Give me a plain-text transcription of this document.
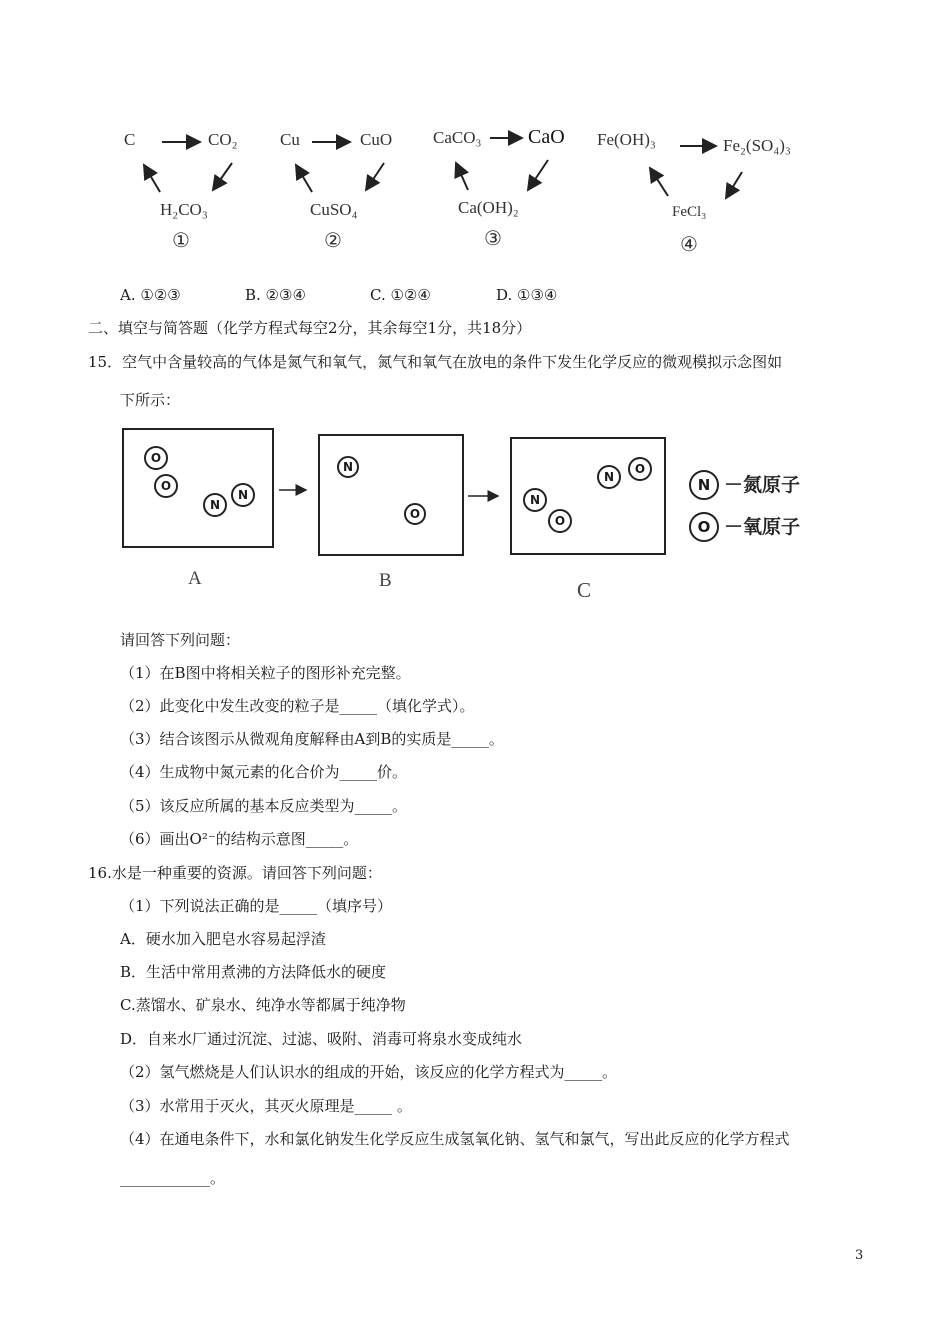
C	CO₂
H₂CO₃
①
Cu	CuO
CuSO₄
②
CaCO₃ CaO
Ca(OH)₂
③
Fe(OH)₃	Fe₂(SO₄)₃
FeCl₃
④
A. ①②③	B. ②③④	C. ①②④	D. ①③④
二、填空与简答题（化学方程式每空2分，其余每空1分，共18分）
15．空气中含量较高的气体是氮气和氧气，氮气和氧气在放电的条件下发生化学反应的微观模拟示念图如
下所示：
O
O
N
N
A
N
O
B
N
O
N
O
C
N －氮原子
O －氧原子
请回答下列问题：
（1）在B图中将相关粒子的图形补充完整。
（2）此变化中发生改变的粒子是_____（填化学式）。
（3）结合该图示从微观角度解释由A到B的实质是_____。
（4）生成物中氮元素的化合价为_____价。
（5）该反应所属的基本反应类型为_____。
（6）画出O²⁻的结构示意图_____。
16.水是一种重要的资源。请回答下列问题：
（1）下列说法正确的是_____（填序号）
A．硬水加入肥皂水容易起浮渣
B．生活中常用煮沸的方法降低水的硬度
C.蒸馏水、矿泉水、纯净水等都属于纯净物
D．自来水厂通过沉淀、过滤、吸附、消毒可将泉水变成纯水
（2）氢气燃烧是人们认识水的组成的开始，该反应的化学方程式为_____。
（3）水常用于灭火，其灭火原理是_____ 。
（4）在通电条件下，水和氯化钠发生化学反应生成氢氧化钠、氢气和氯气，写出此反应的化学方程式
____________。
3
